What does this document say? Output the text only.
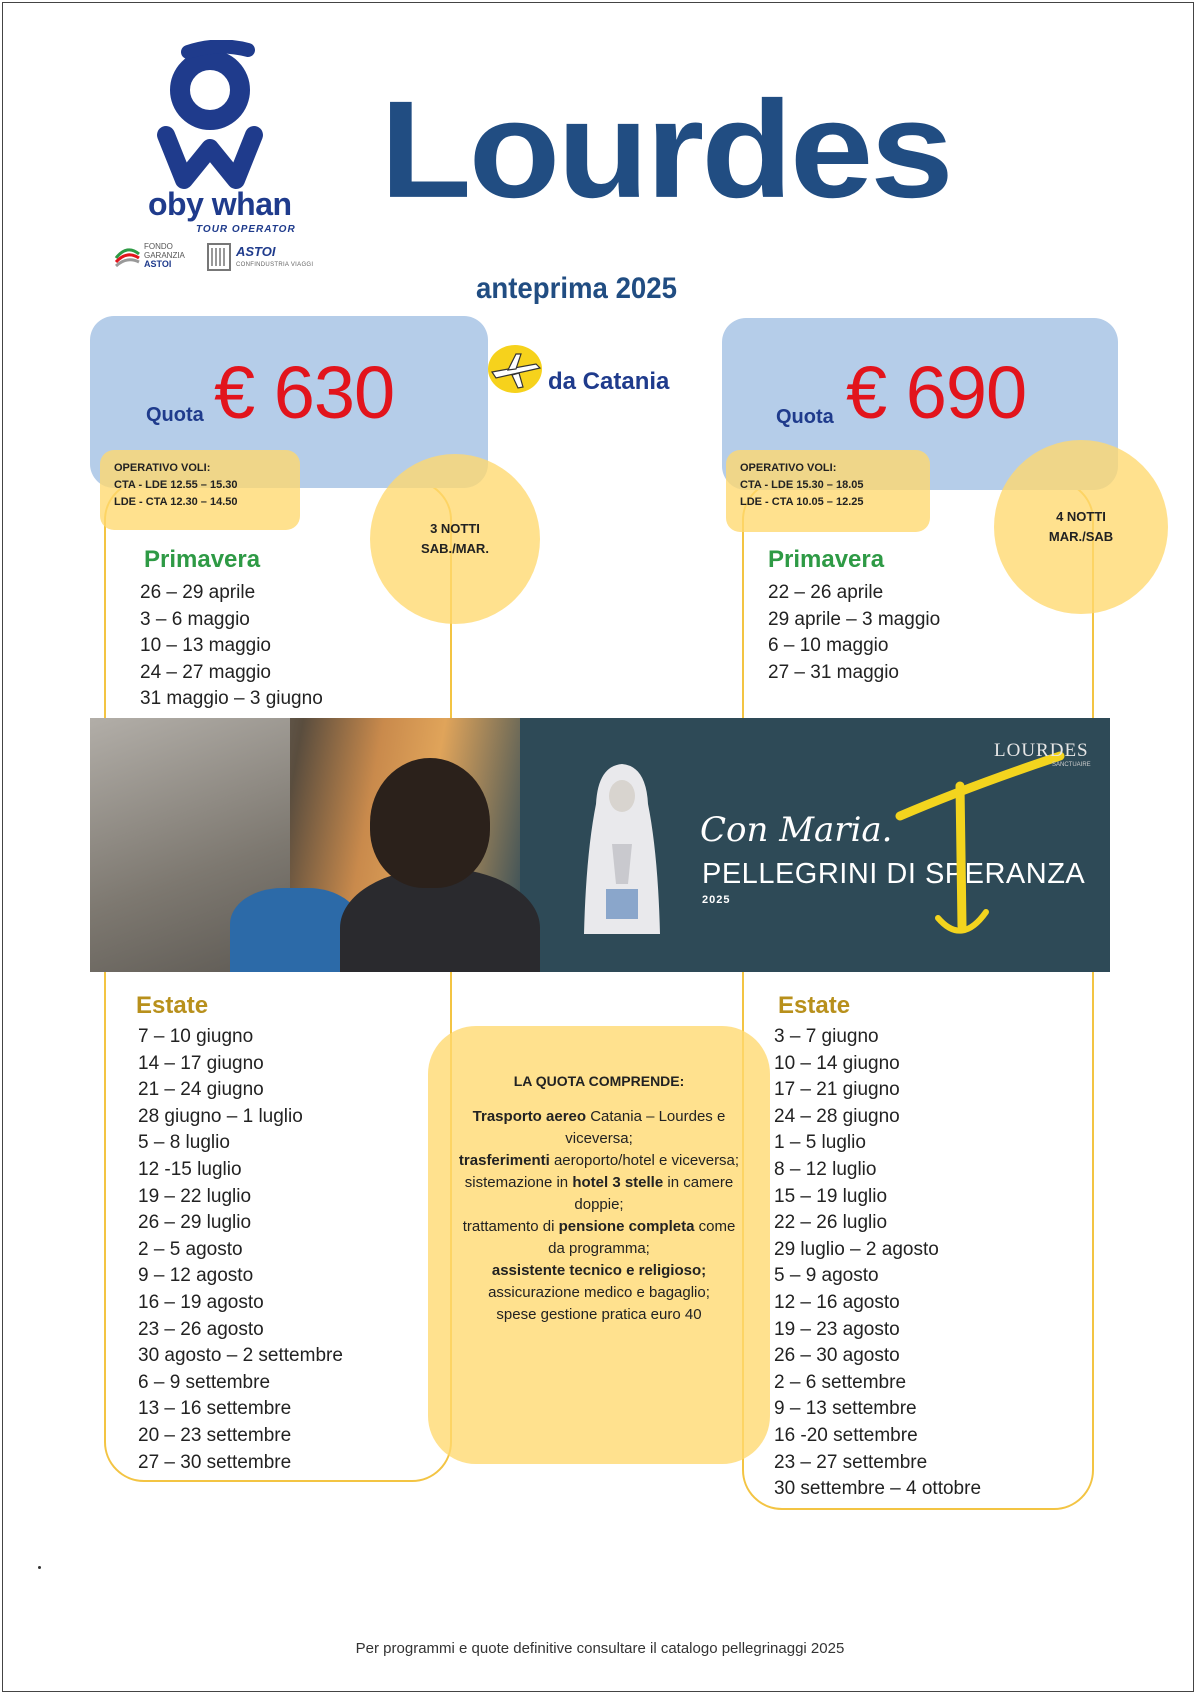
oby whan
TOUR OPERATOR
FONDO
GARANZIA
ASTOI
ASTOI
CONFINDUSTRIA VIAGGI
Lourdes
anteprima 2025
Quota € 630
OPERATIVO VOLI:
CTA - LDE 12.55 – 15.30
LDE - CTA 12.30 – 14.50
3 NOTTI
SAB./MAR.
da Catania
Quota € 690
OPERATIVO VOLI:
CTA - LDE 15.30 – 18.05
LDE - CTA 10.05 – 12.25
4 NOTTI
MAR./SAB
Primavera
26 – 29 aprile
3 – 6 maggio
10 – 13 maggio
24 – 27 maggio
31 maggio – 3 giugno
Primavera
22 – 26 aprile
29 aprile – 3 maggio
6 – 10 maggio
27 – 31 maggio
Con Maria.
PELLEGRINI DI SPERANZA
2025
LOURDES
SANCTUAIRE
Estate
7 – 10 giugno
14 – 17 giugno
21 – 24 giugno
28 giugno – 1 luglio
5 – 8 luglio
12 -15 luglio
19 – 22 luglio
26 – 29 luglio
2 – 5 agosto
9 – 12 agosto
16 – 19 agosto
23 – 26 agosto
30 agosto – 2 settembre
6 – 9 settembre
13 – 16 settembre
20 – 23 settembre
27 – 30 settembre
Estate
3 – 7 giugno
10 – 14 giugno
17 – 21 giugno
24 – 28 giugno
1 – 5 luglio
8 – 12 luglio
15 – 19 luglio
22 – 26 luglio
29 luglio – 2 agosto
5 – 9 agosto
12 – 16 agosto
19 – 23 agosto
26 – 30 agosto
2 – 6 settembre
9 – 13 settembre
16 -20 settembre
23 – 27 settembre
30 settembre – 4 ottobre
LA QUOTA COMPRENDE:
Trasporto aereo Catania – Lourdes e viceversa;
trasferimenti aeroporto/hotel e viceversa;
sistemazione in hotel 3 stelle in camere doppie;
trattamento di pensione completa come da programma;
assistente tecnico e religioso;
assicurazione medico e bagaglio;
spese gestione pratica euro 40
Per programmi e quote definitive consultare il catalogo pellegrinaggi 2025
